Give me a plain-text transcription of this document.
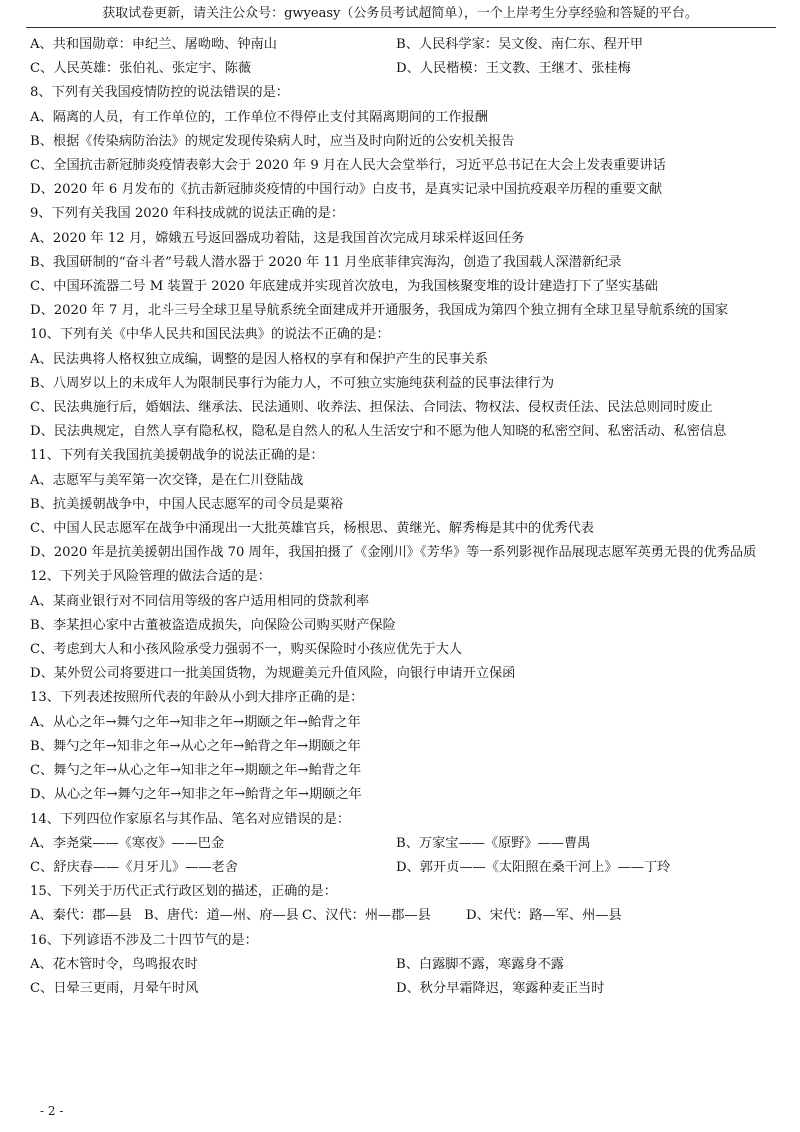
获取试卷更新，请关注公众号：gwyeasy（公务员考试超简单），一个上岸考生分享经验和答疑的平台。
A、共和国勋章：申纪兰、屠呦呦、钟南山	B、人民科学家：吴文俊、南仁东、程开甲
C、人民英雄：张伯礼、张定宇、陈薇	D、人民楷模：王文教、王继才、张桂梅
8、下列有关我国疫情防控的说法错误的是：
A、隔离的人员，有工作单位的，工作单位不得停止支付其隔离期间的工作报酬
B、根据《传染病防治法》的规定发现传染病人时，应当及时向附近的公安机关报告
C、全国抗击新冠肺炎疫情表彰大会于 2020 年 9 月在人民大会堂举行，习近平总书记在大会上发表重要讲话
D、2020 年 6 月发布的《抗击新冠肺炎疫情的中国行动》白皮书，是真实记录中国抗疫艰辛历程的重要文献
9、下列有关我国 2020 年科技成就的说法正确的是：
A、2020 年 12 月，嫦娥五号返回器成功着陆，这是我国首次完成月球采样返回任务
B、我国研制的“奋斗者”号载人潜水器于 2020 年 11 月坐底菲律宾海沟，创造了我国载人深潜新纪录
C、中国环流器二号 M 装置于 2020 年底建成并实现首次放电，为我国核聚变堆的设计建造打下了坚实基础
D、2020 年 7 月，北斗三号全球卫星导航系统全面建成并开通服务，我国成为第四个独立拥有全球卫星导航系统的国家
10、下列有关《中华人民共和国民法典》的说法不正确的是：
A、民法典将人格权独立成编，调整的是因人格权的享有和保护产生的民事关系
B、八周岁以上的未成年人为限制民事行为能力人，不可独立实施纯获利益的民事法律行为
C、民法典施行后，婚姻法、继承法、民法通则、收养法、担保法、合同法、物权法、侵权责任法、民法总则同时废止
D、民法典规定，自然人享有隐私权，隐私是自然人的私人生活安宁和不愿为他人知晓的私密空间、私密活动、私密信息
11、下列有关我国抗美援朝战争的说法正确的是：
A、志愿军与美军第一次交锋，是在仁川登陆战
B、抗美援朝战争中，中国人民志愿军的司令员是粟裕
C、中国人民志愿军在战争中涌现出一大批英雄官兵，杨根思、黄继光、解秀梅是其中的优秀代表
D、2020 年是抗美援朝出国作战 70 周年，我国拍摄了《金刚川》《芳华》等一系列影视作品展现志愿军英勇无畏的优秀品质
12、下列关于风险管理的做法合适的是：
A、某商业银行对不同信用等级的客户适用相同的贷款利率
B、李某担心家中古董被盗造成损失，向保险公司购买财产保险
C、考虑到大人和小孩风险承受力强弱不一，购买保险时小孩应优先于大人
D、某外贸公司将要进口一批美国货物，为规避美元升值风险，向银行申请开立保函
13、下列表述按照所代表的年龄从小到大排序正确的是：
A、从心之年→舞勺之年→知非之年→期颐之年→鲐背之年
B、舞勺之年→知非之年→从心之年→鲐背之年→期颐之年
C、舞勺之年→从心之年→知非之年→期颐之年→鲐背之年
D、从心之年→舞勺之年→知非之年→鲐背之年→期颐之年
14、下列四位作家原名与其作品、笔名对应错误的是：
A、李尧棠——《寒夜》——巴金	B、万家宝——《原野》——曹禺
C、舒庆春——《月牙儿》——老舍	D、郭开贞——《太阳照在桑干河上》——丁玲
15、下列关于历代正式行政区划的描述，正确的是：
A、秦代：郡—县 B、唐代：道—州、府—县 C、汉代：州—郡—县	D、宋代：路—军、州—县
16、下列谚语不涉及二十四节气的是：
A、花木管时令，鸟鸣报农时	B、白露脚不露，寒露身不露
C、日晕三更雨，月晕午时风	D、秋分早霜降迟，寒露种麦正当时
- 2 -
